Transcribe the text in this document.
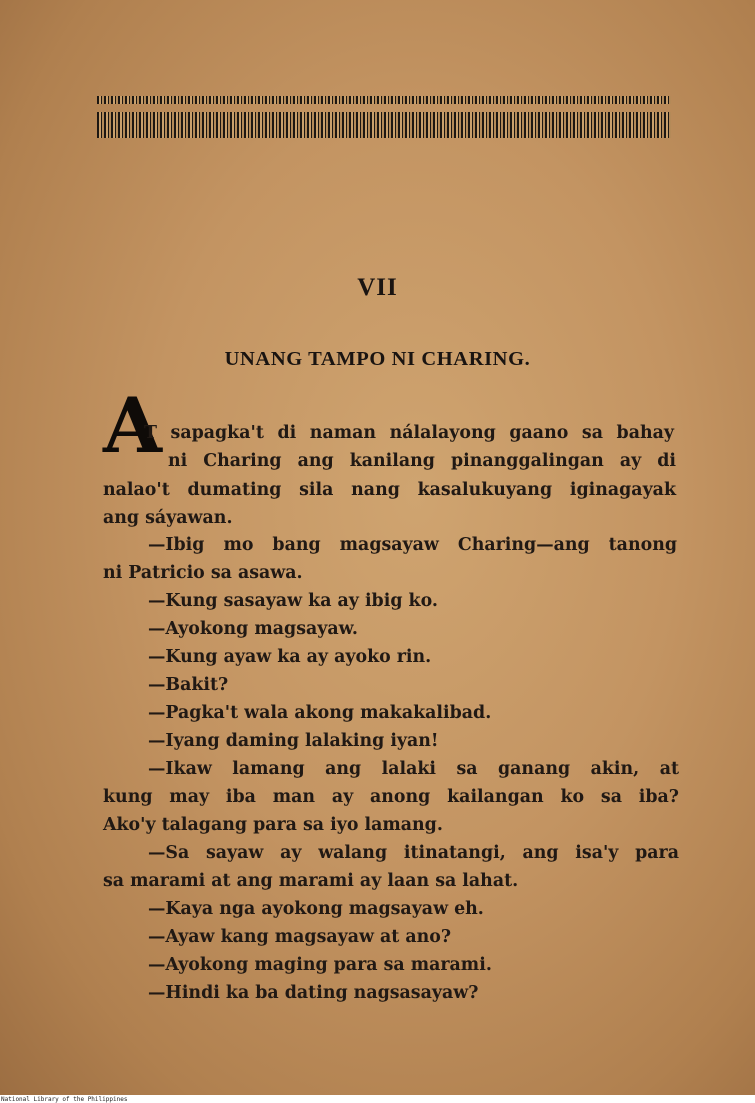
VII
UNANG TAMPO NI CHARING.
A

T sapagka't di naman nálalayong gaano sa bahay

ni Charing ang kanilang pinanggalingan ay di

nalao't dumating sila nang kasalukuyang iginagayak

ang sáyawan.

—Ibig mo bang magsayaw Charing—ang tanong

ni Patricio sa asawa.

—Kung sasayaw ka ay ibig ko.

—Ayokong magsayaw.

—Kung ayaw ka ay ayoko rin.

—Bakit?

—Pagka't wala akong makakalibad.

—Iyang daming lalaking iyan!

—Ikaw lamang ang lalaki sa ganang akin, at

kung may iba man ay anong kailangan ko sa iba?

Ako'y talagang para sa iyo lamang.

—Sa sayaw ay walang itinatangi, ang isa'y para

sa marami at ang marami ay laan sa lahat.

—Kaya nga ayokong magsayaw eh.

—Ayaw kang magsayaw at ano?

—Ayokong maging para sa marami.

—Hindi ka ba dating nagsasayaw?

National Library of the Philippines
